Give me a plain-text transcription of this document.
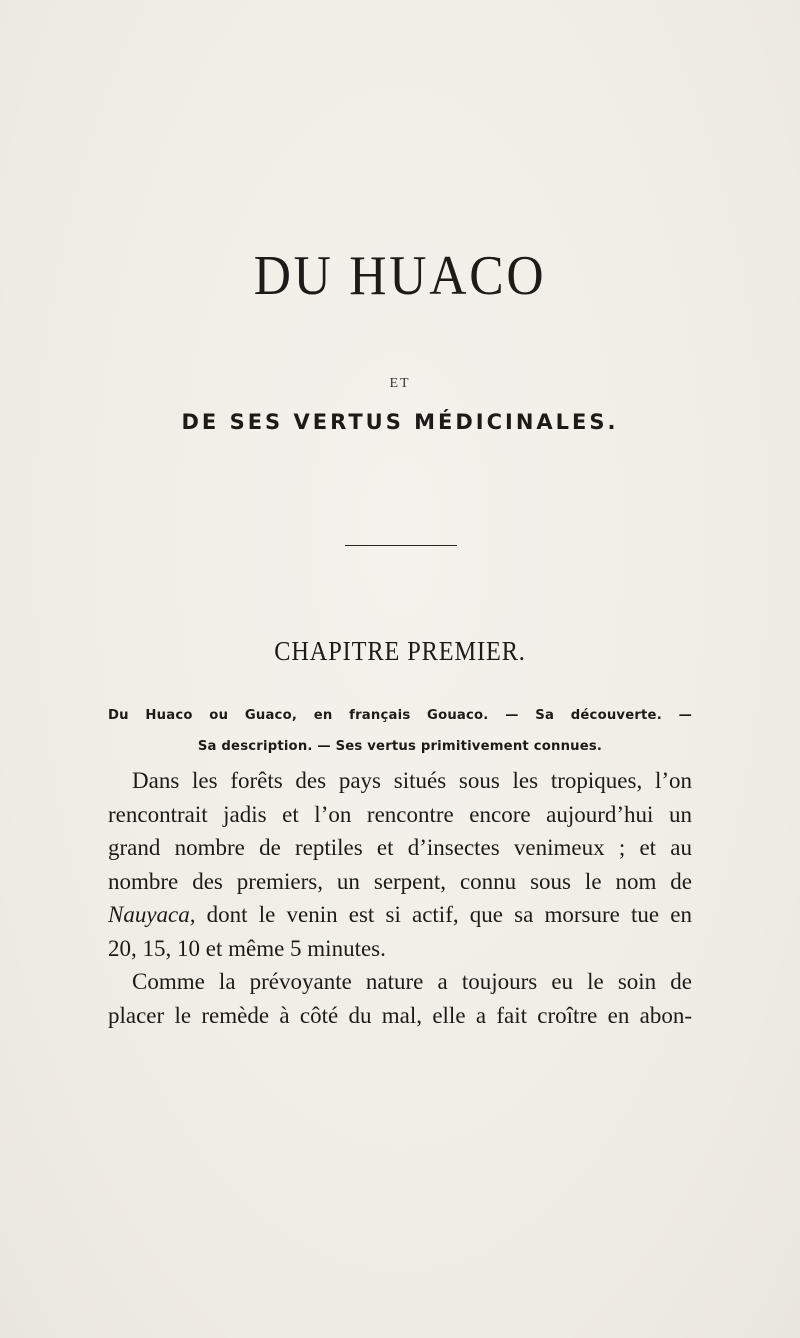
DU HUACO
ET
DE SES VERTUS MÉDICINALES.
CHAPITRE PREMIER.
Du Huaco ou Guaco, en français Gouaco. — Sa découverte. —
Sa description. — Ses vertus primitivement connues.
Dans les forêts des pays situés sous les tropiques, l’on
rencontrait jadis et l’on rencontre encore aujourd’hui un
grand nombre de reptiles et d’insectes venimeux ; et au
nombre des premiers, un serpent, connu sous le nom de
Nauyaca, dont le venin est si actif, que sa morsure tue en
20, 15, 10 et même 5 minutes.
Comme la prévoyante nature a toujours eu le soin de
placer le remède à côté du mal, elle a fait croître en abon-
